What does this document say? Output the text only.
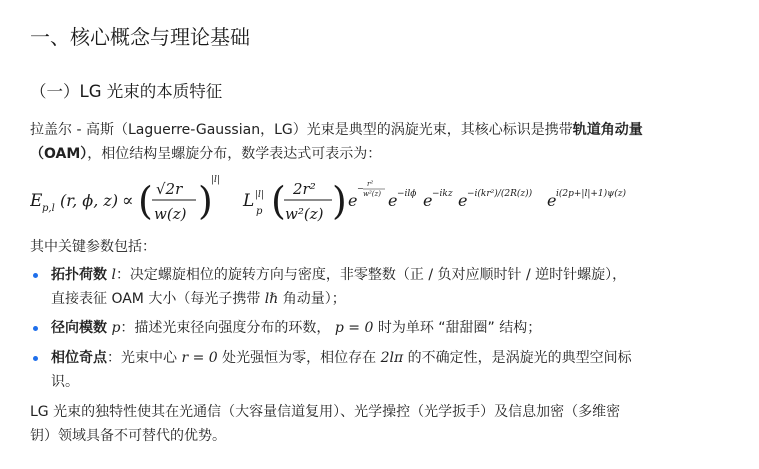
一、核心概念与理论基础
（一）LG 光束的本质特征
拉盖尔 - 高斯（Laguerre-Gaussian，LG）光束是典型的涡旋光束，其核心标识是携带轨道角动量
（OAM），相位结构呈螺旋分布，数学表达式可表示为：
E p,l (r, ϕ, z) ∝ ( √2r
w(z) )
|l|
L |l|
p ( 2r²
w²(z) ) e
− r²
w²(z) e −ilϕ e −ikz e −i(kr²)/(2R(z)) e i(2p+|l|+1)ψ(z)
其中关键参数包括：
拓扑荷数 l：决定螺旋相位的旋转方向与密度，非零整数（正 / 负对应顺时针 / 逆时针螺旋），
直接表征 OAM 大小（每光子携带 lℏ 角动量）；
径向模数 p：描述光束径向强度分布的环数， p = 0 时为单环 “甜甜圈” 结构；
相位奇点：光束中心 r = 0 处光强恒为零，相位存在 2lπ 的不确定性，是涡旋光的典型空间标
识。
LG 光束的独特性使其在光通信（大容量信道复用）、光学操控（光学扳手）及信息加密（多维密
钥）领域具备不可替代的优势。
